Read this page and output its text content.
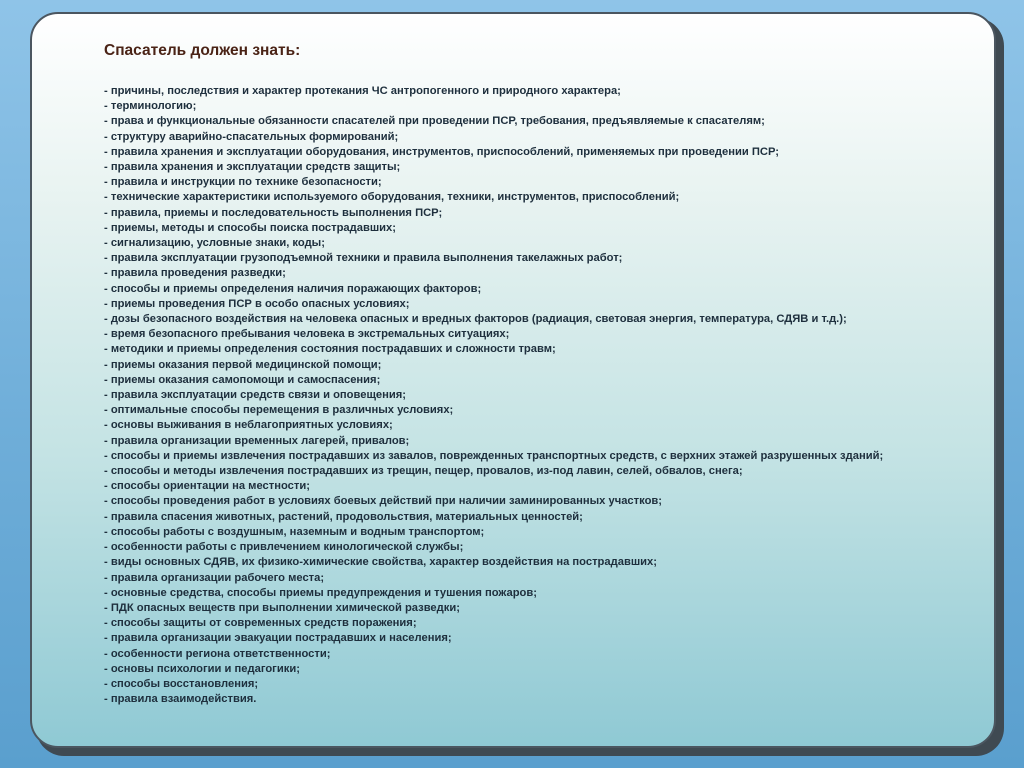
Спасатель должен знать:
- причины, последствия и характер протекания ЧС антропогенного и природного характера;
- терминологию;
- права и функциональные обязанности спасателей при проведении ПСР, требования, предъявляемые к спасателям;
- структуру аварийно-спасательных формирований;
- правила хранения и эксплуатации оборудования, инструментов, приспособлений, применяемых при проведении ПСР;
- правила хранения и эксплуатации средств защиты;
- правила и инструкции по технике безопасности;
- технические характеристики используемого оборудования, техники, инструментов, приспособлений;
- правила, приемы и последовательность выполнения ПСР;
- приемы, методы и способы поиска пострадавших;
- сигнализацию, условные знаки, коды;
- правила эксплуатации грузоподъемной техники и правила выполнения такелажных работ;
- правила проведения разведки;
- способы и приемы определения наличия поражающих факторов;
- приемы проведения ПСР в особо опасных условиях;
- дозы безопасного воздействия на человека опасных и вредных факторов (радиация, световая энергия, температура, СДЯВ и т.д.);
- время безопасного пребывания человека в экстремальных ситуациях;
- методики и приемы определения состояния пострадавших и сложности травм;
- приемы оказания первой медицинской помощи;
- приемы оказания самопомощи и самоспасения;
- правила эксплуатации средств связи и оповещения;
- оптимальные способы перемещения в различных условиях;
- основы выживания в неблагоприятных условиях;
- правила организации временных лагерей, привалов;
- способы и приемы извлечения пострадавших из завалов, поврежденных транспортных средств, с верхних этажей разрушенных зданий;
- способы и методы извлечения пострадавших из трещин, пещер, провалов, из-под лавин, селей, обвалов, снега;
- способы ориентации на местности;
- способы проведения работ в условиях боевых действий при наличии заминированных участков;
- правила спасения животных, растений, продовольствия, материальных ценностей;
- способы работы с воздушным, наземным и водным транспортом;
- особенности работы с привлечением кинологической службы;
- виды основных СДЯВ, их физико-химические свойства, характер воздействия на пострадавших;
- правила организации рабочего места;
- основные средства, способы приемы предупреждения и тушения пожаров;
- ПДК опасных веществ при выполнении химической разведки;
- способы защиты от современных средств поражения;
- правила организации эвакуации пострадавших и населения;
- особенности региона ответственности;
- основы психологии и педагогики;
- способы восстановления;
- правила взаимодействия.
